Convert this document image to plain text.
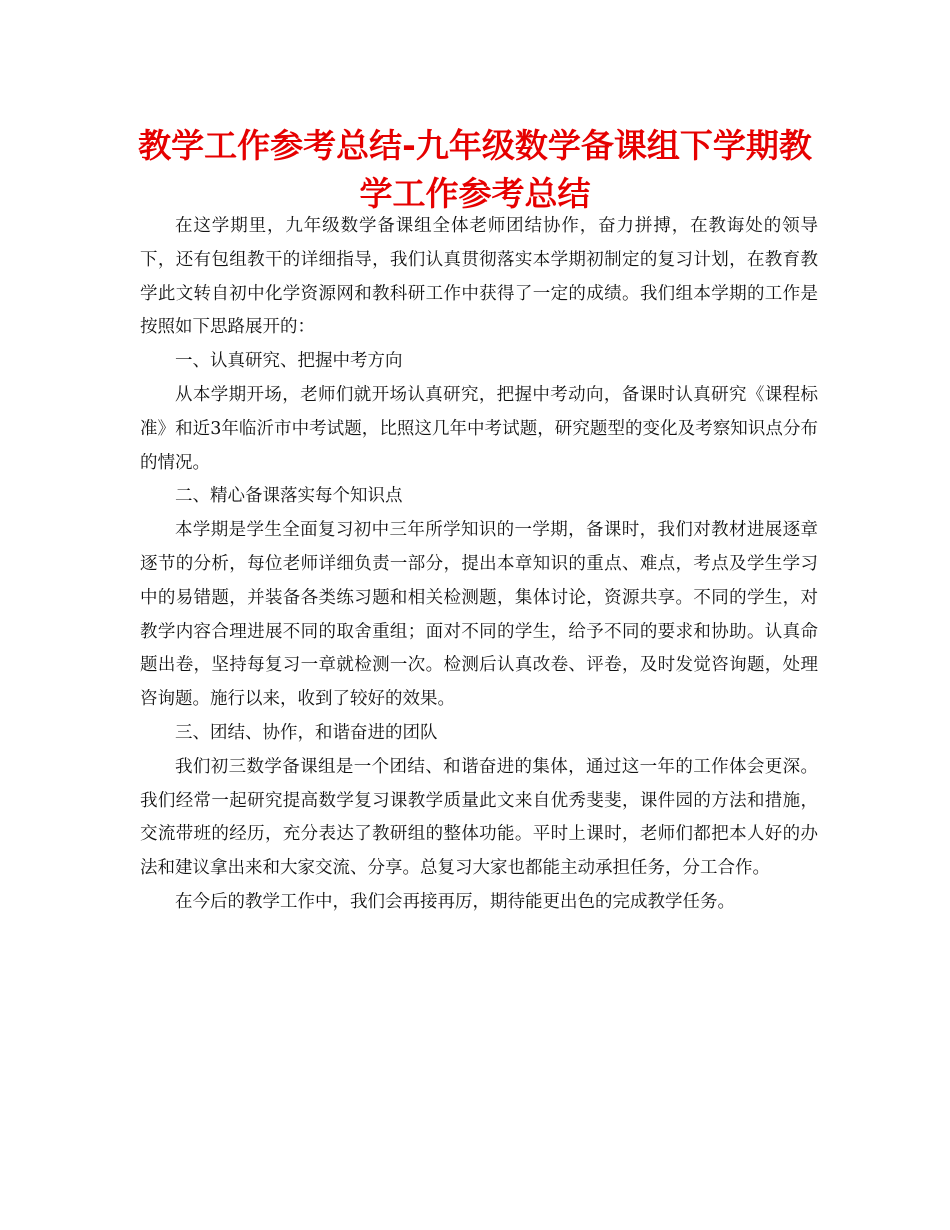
教学工作参考总结-九年级数学备课组下学期教学工作参考总结

在这学期里，九年级数学备课组全体老师团结协作，奋力拼搏，在教诲处的领导下，还有包组教干的详细指导，我们认真贯彻落实本学期初制定的复习计划，在教育教学此文转自初中化学资源网和教科研工作中获得了一定的成绩。我们组本学期的工作是按照如下思路展开的：

一、认真研究、把握中考方向

从本学期开场，老师们就开场认真研究，把握中考动向，备课时认真研究《课程标准》和近3年临沂市中考试题，比照这几年中考试题，研究题型的变化及考察知识点分布的情况。

二、精心备课落实每个知识点

本学期是学生全面复习初中三年所学知识的一学期，备课时，我们对教材进展逐章逐节的分析，每位老师详细负责一部分，提出本章知识的重点、难点，考点及学生学习中的易错题，并装备各类练习题和相关检测题，集体讨论，资源共享。不同的学生，对教学内容合理进展不同的取舍重组；面对不同的学生，给予不同的要求和协助。认真命题出卷，坚持每复习一章就检测一次。检测后认真改卷、评卷，及时发觉咨询题，处理咨询题。施行以来，收到了较好的效果。

三、团结、协作，和谐奋进的团队

我们初三数学备课组是一个团结、和谐奋进的集体，通过这一年的工作体会更深。我们经常一起研究提高数学复习课教学质量此文来自优秀斐斐，课件园的方法和措施，交流带班的经历，充分表达了教研组的整体功能。平时上课时，老师们都把本人好的办法和建议拿出来和大家交流、分享。总复习大家也都能主动承担任务，分工合作。

在今后的教学工作中，我们会再接再厉，期待能更出色的完成教学任务。
